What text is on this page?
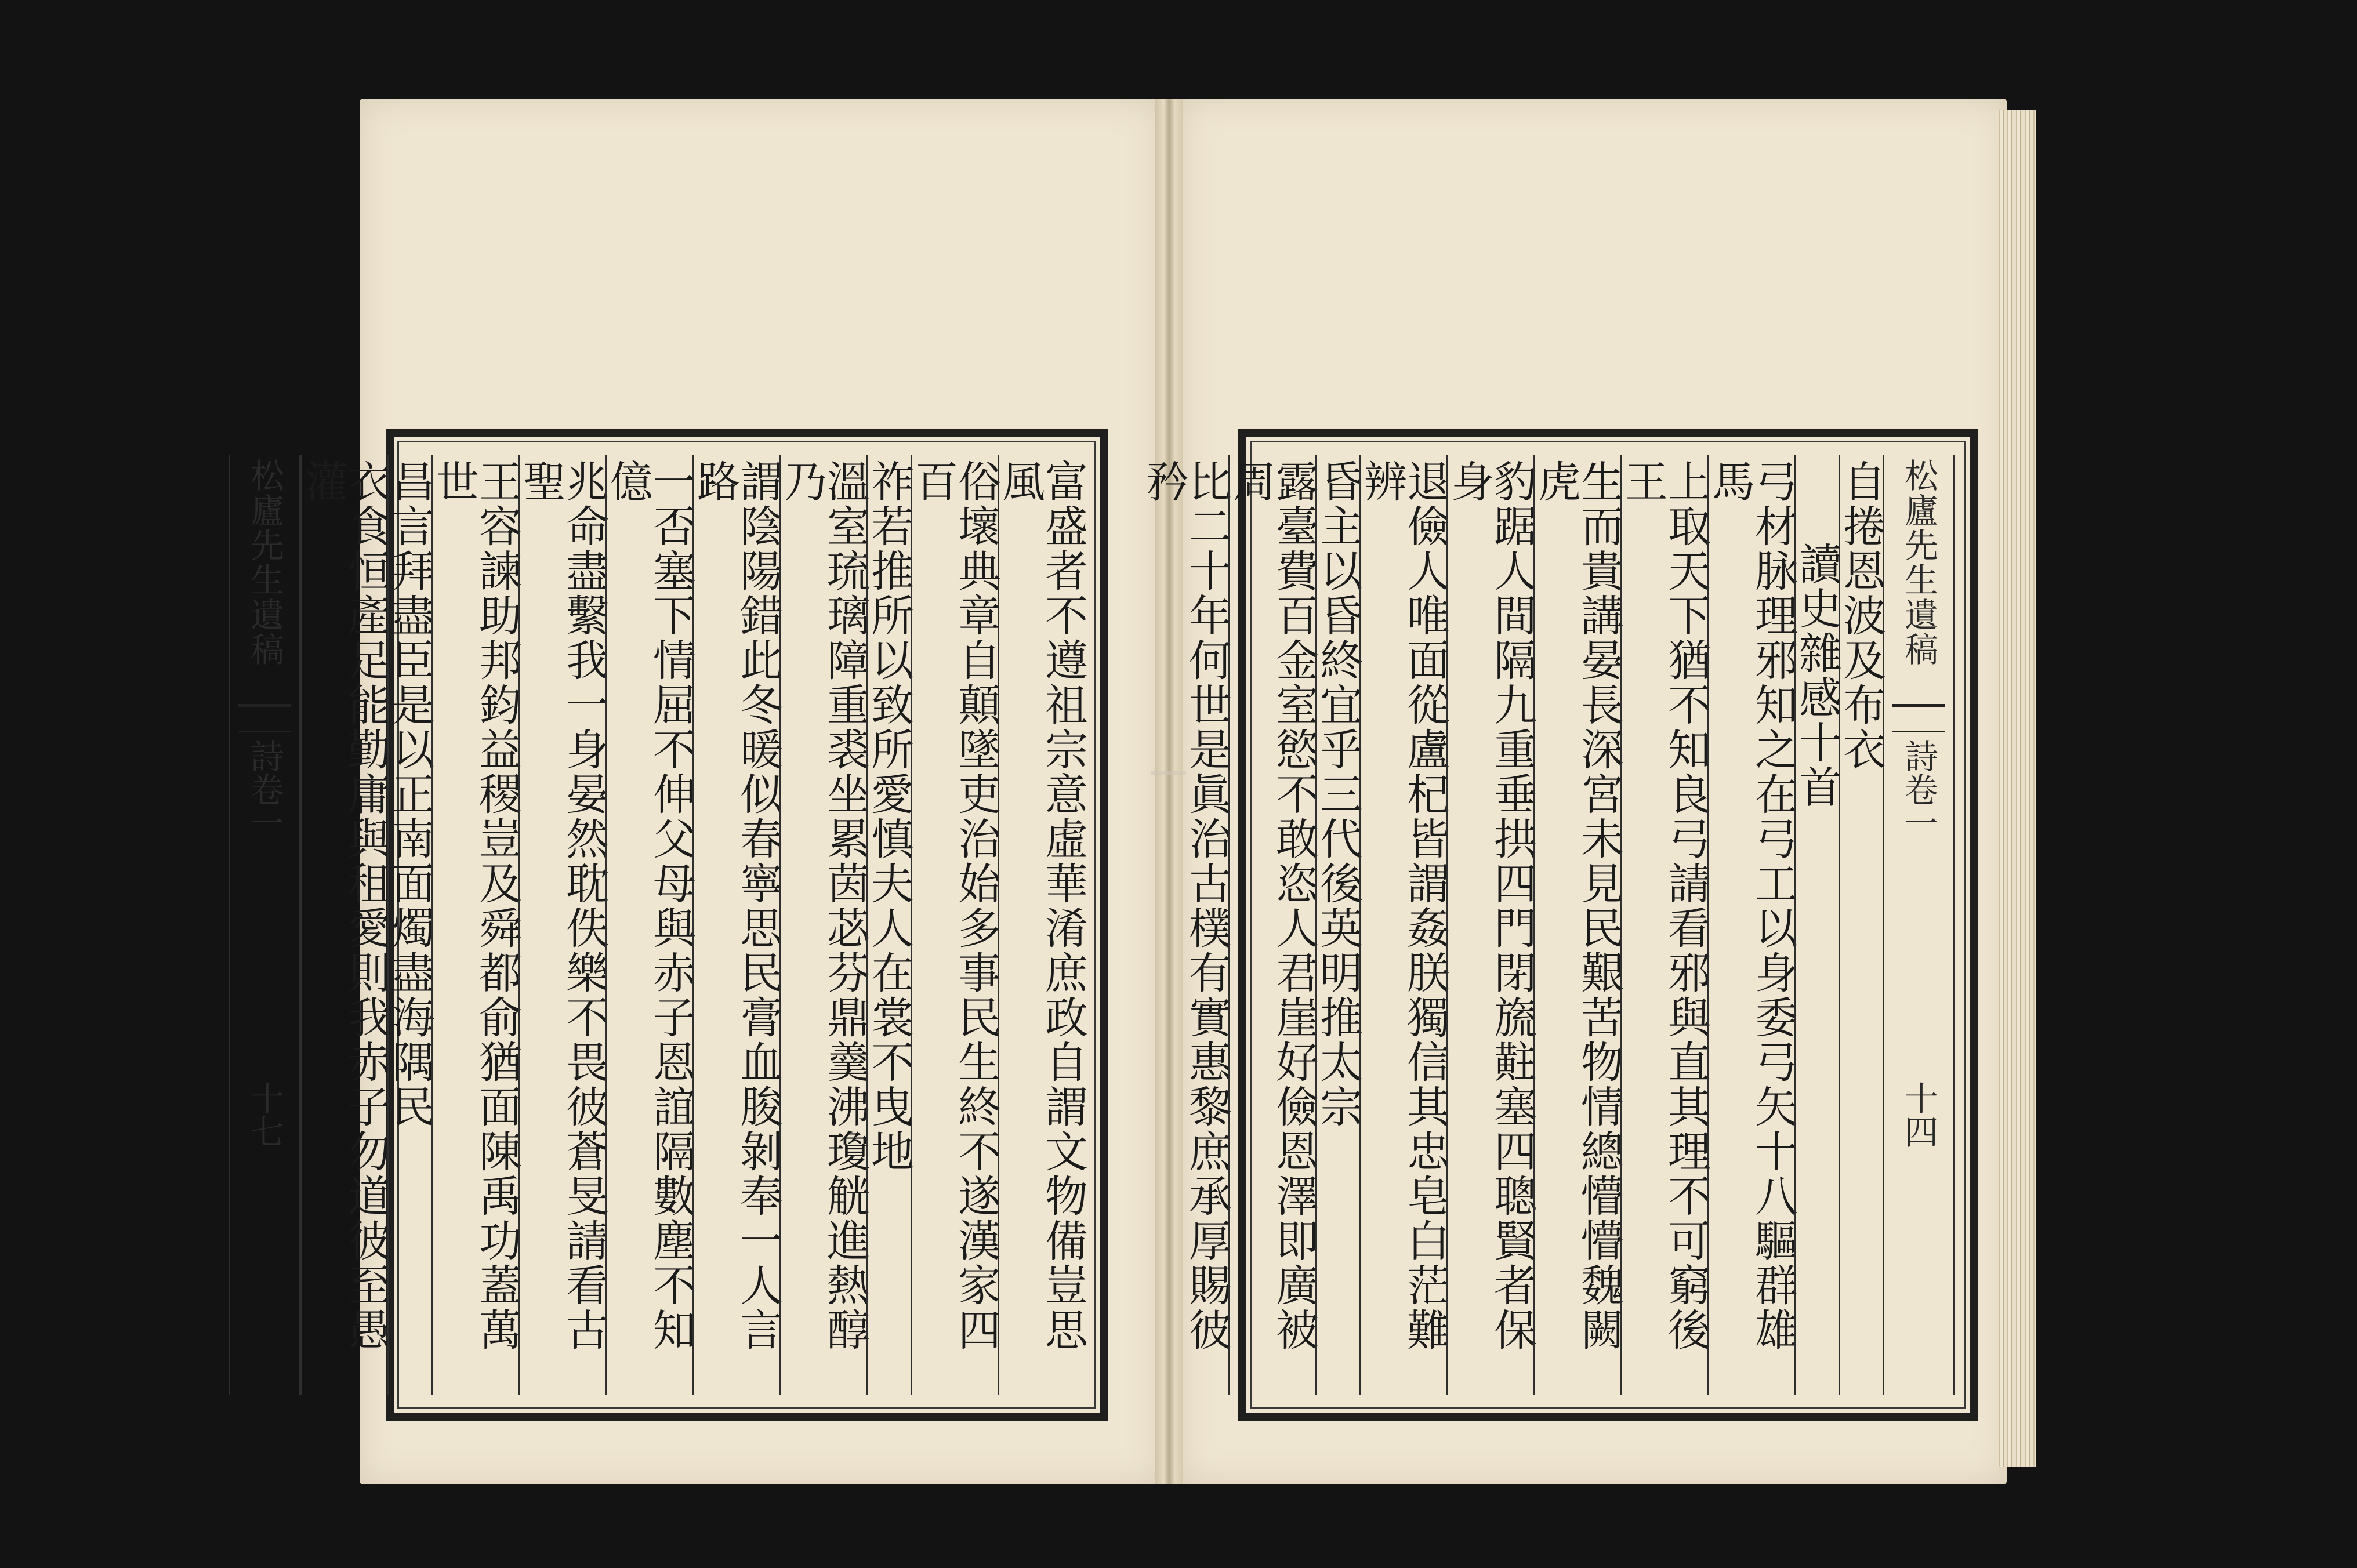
富盛者不遵祖宗意虛華淆庶政自謂文物備豈思風
俗壞典章自顛墜吏治始多事民生終不遂漢家四百
祚若推所以致所愛慎夫人在裳不曳地
溫室琉璃障重裘坐累茵苾芬鼎羹沸瓊觥進熱醇乃
謂陰陽錯此冬暖似春寧思民膏血朘剝奉一人言路
一否塞下情屈不伸父母與赤子恩誼隔數塵不知億
兆命盡繫我一身晏然耽佚樂不畏彼蒼旻請看古聖
王容諫助邦鈞益稷豈及舜都俞猶面陳禹功蓋萬世
昌言拜盡臣是以正南面燭盡海隅民
衣食恒產足能勤庸與租愛則我赤子勿道彼至愚灌
松廬先生遺稿
詩卷一
十七
松廬先生遺稿
詩卷一
十四
自捲恩波及布衣
讀史雜感十首
弓材脉理邪知之在弓工以身委弓矢十八驅群雄馬
上取天下猶不知良弓請看邪與直其理不可窮後王
生而貴講晏長深宮未見民艱苦物情總懵懵魏闕虎
豹踞人間隔九重垂拱四門閉旒黈塞四聰賢者保身
退儉人唯面從盧杞皆謂姦朕獨信其忠皂白茫難辨
昏主以昏終宜乎三代後英明推太宗
露臺費百金室慾不敢恣人君崖好儉恩澤即廣被周
比二十年何世是眞治古樸有實惠黎庶承厚賜彼矜
